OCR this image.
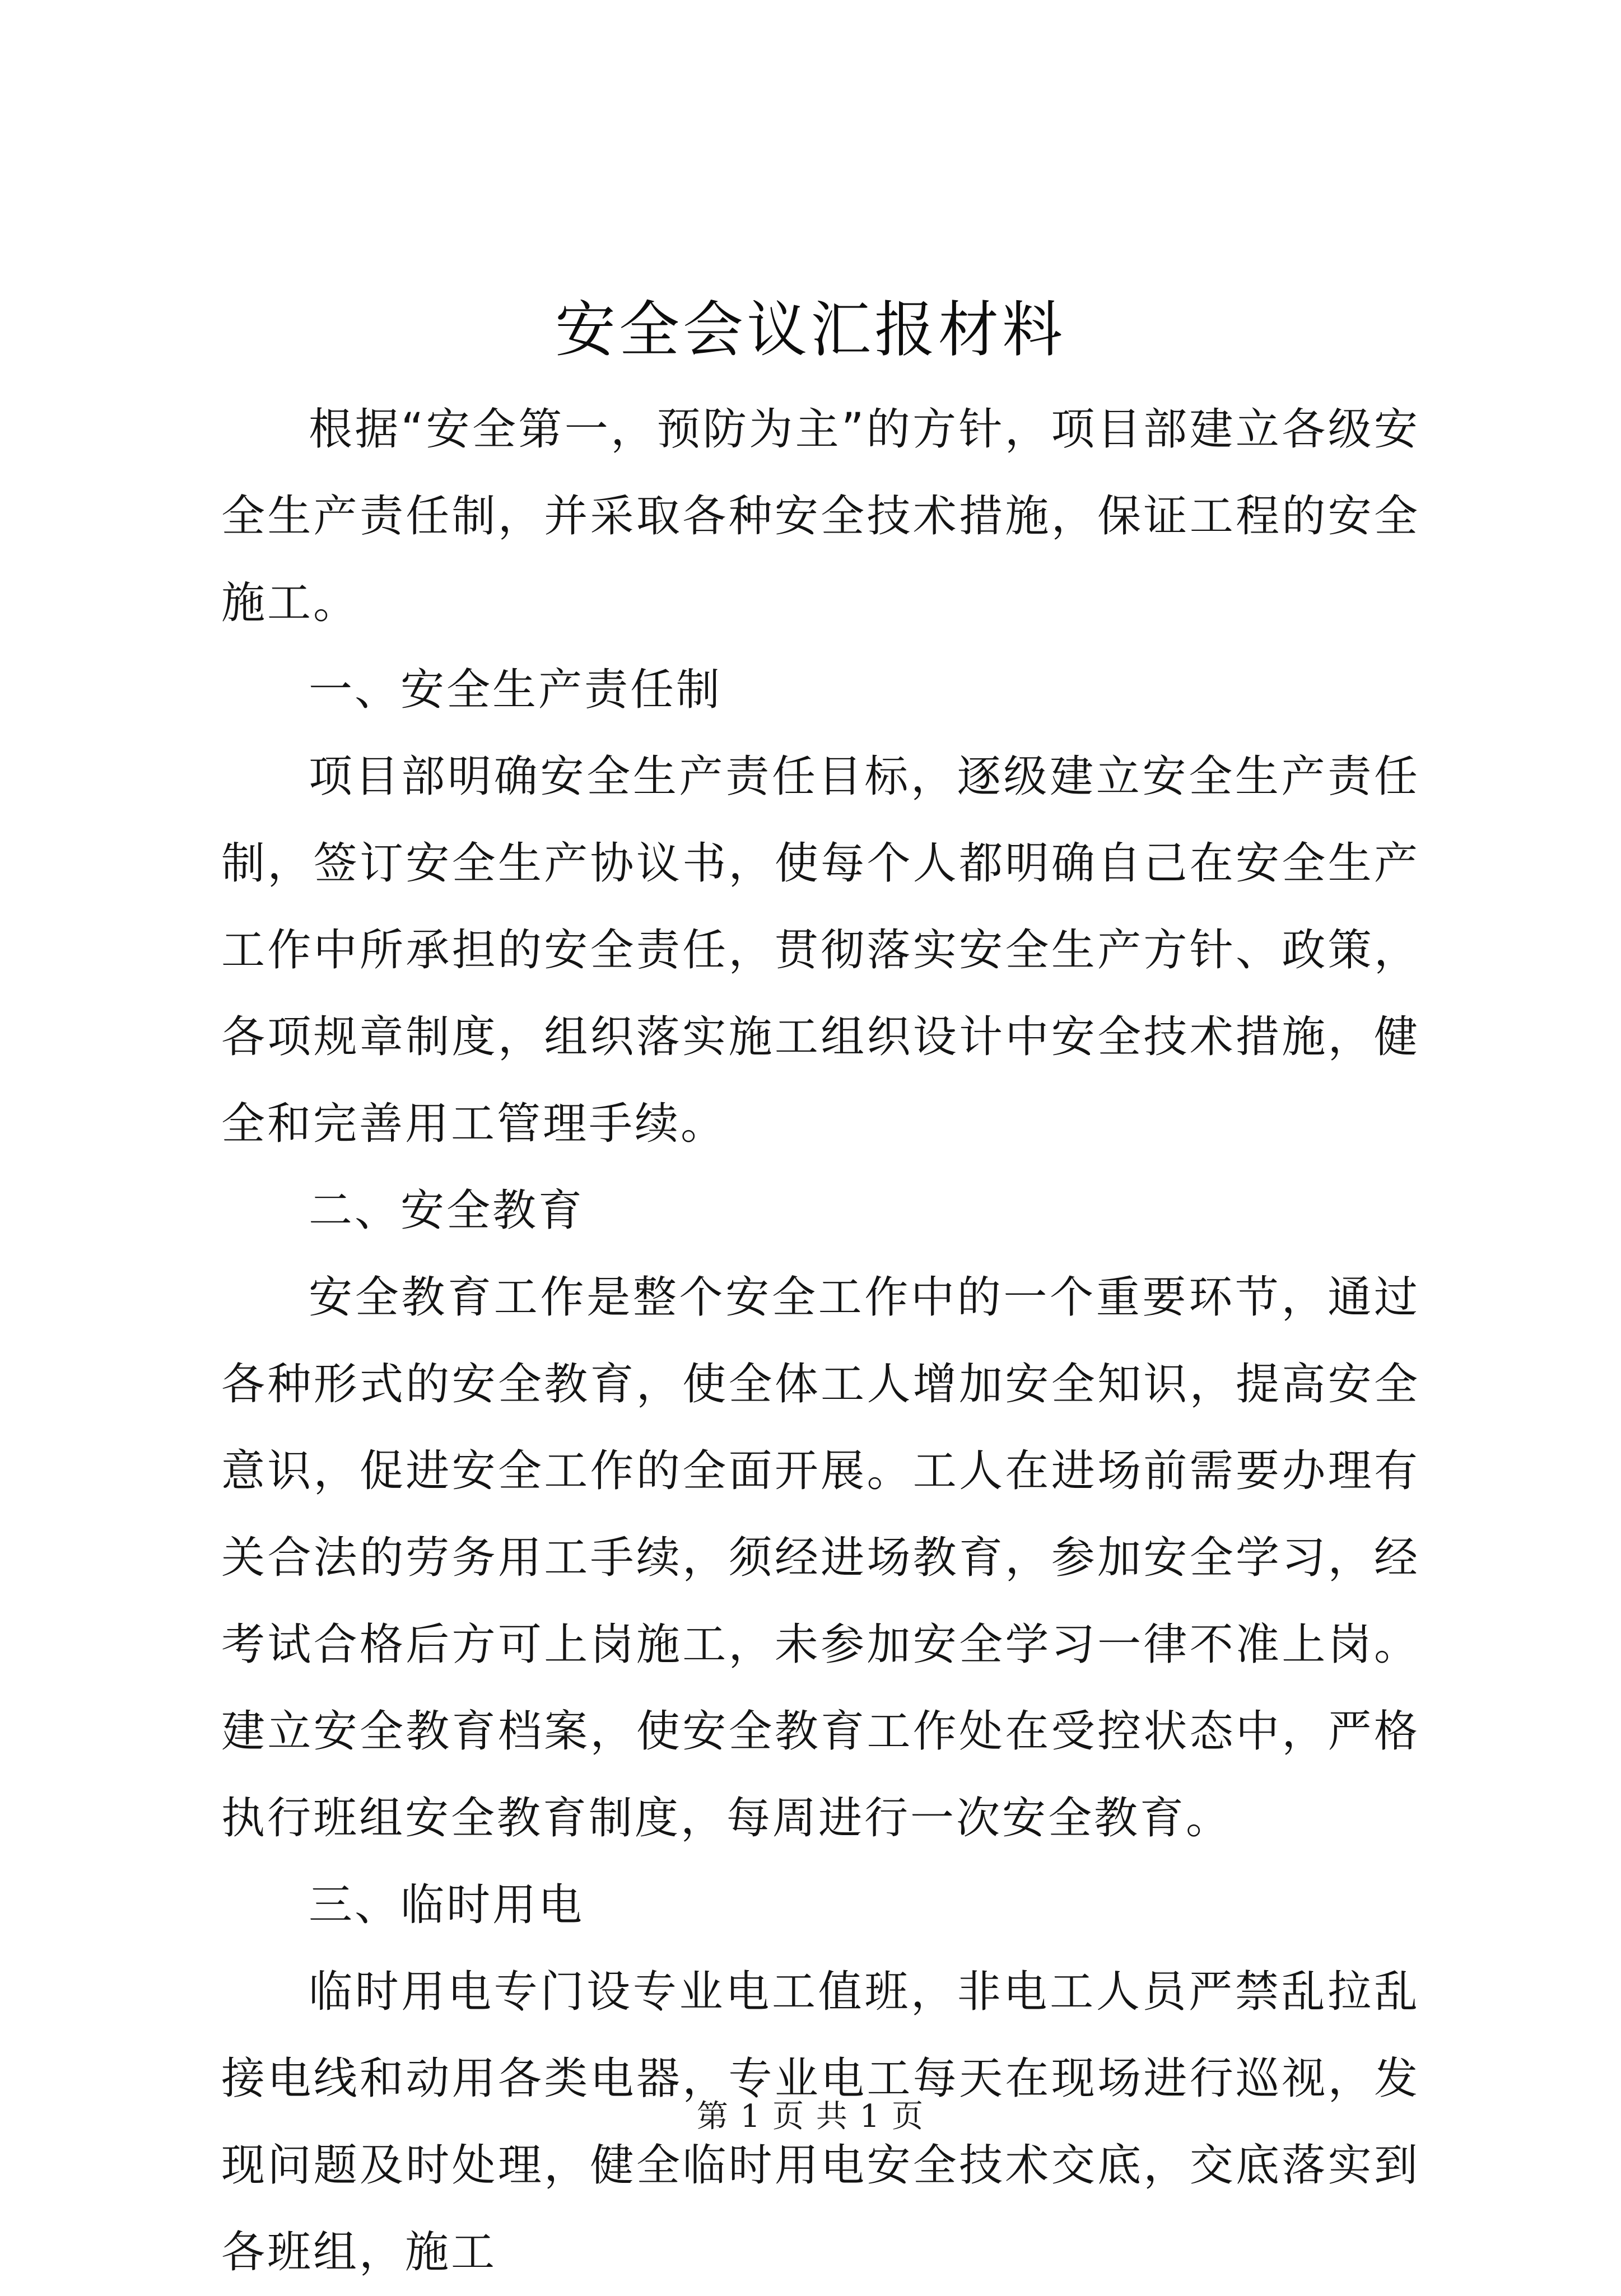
安全会议汇报材料

根据“安全第一，预防为主”的方针，项目部建立各级安全生产责任制，并采取各种安全技术措施，保证工程的安全施工。

一、安全生产责任制

项目部明确安全生产责任目标，逐级建立安全生产责任制，签订安全生产协议书，使每个人都明确自己在安全生产工作中所承担的安全责任，贯彻落实安全生产方针、政策，各项规章制度，组织落实施工组织设计中安全技术措施，健全和完善用工管理手续。

二、安全教育

安全教育工作是整个安全工作中的一个重要环节，通过各种形式的安全教育，使全体工人增加安全知识，提高安全意识，促进安全工作的全面开展。工人在进场前需要办理有关合法的劳务用工手续，须经进场教育，参加安全学习，经考试合格后方可上岗施工，未参加安全学习一律不准上岗。建立安全教育档案，使安全教育工作处在受控状态中，严格执行班组安全教育制度，每周进行一次安全教育。

三、临时用电

临时用电专门设专业电工值班，非电工人员严禁乱拉乱接电线和动用各类电器，专业电工每天在现场进行巡视，发现问题及时处理，健全临时用电安全技术交底，交底落实到各班组，施工

第 1 页 共 1 页
